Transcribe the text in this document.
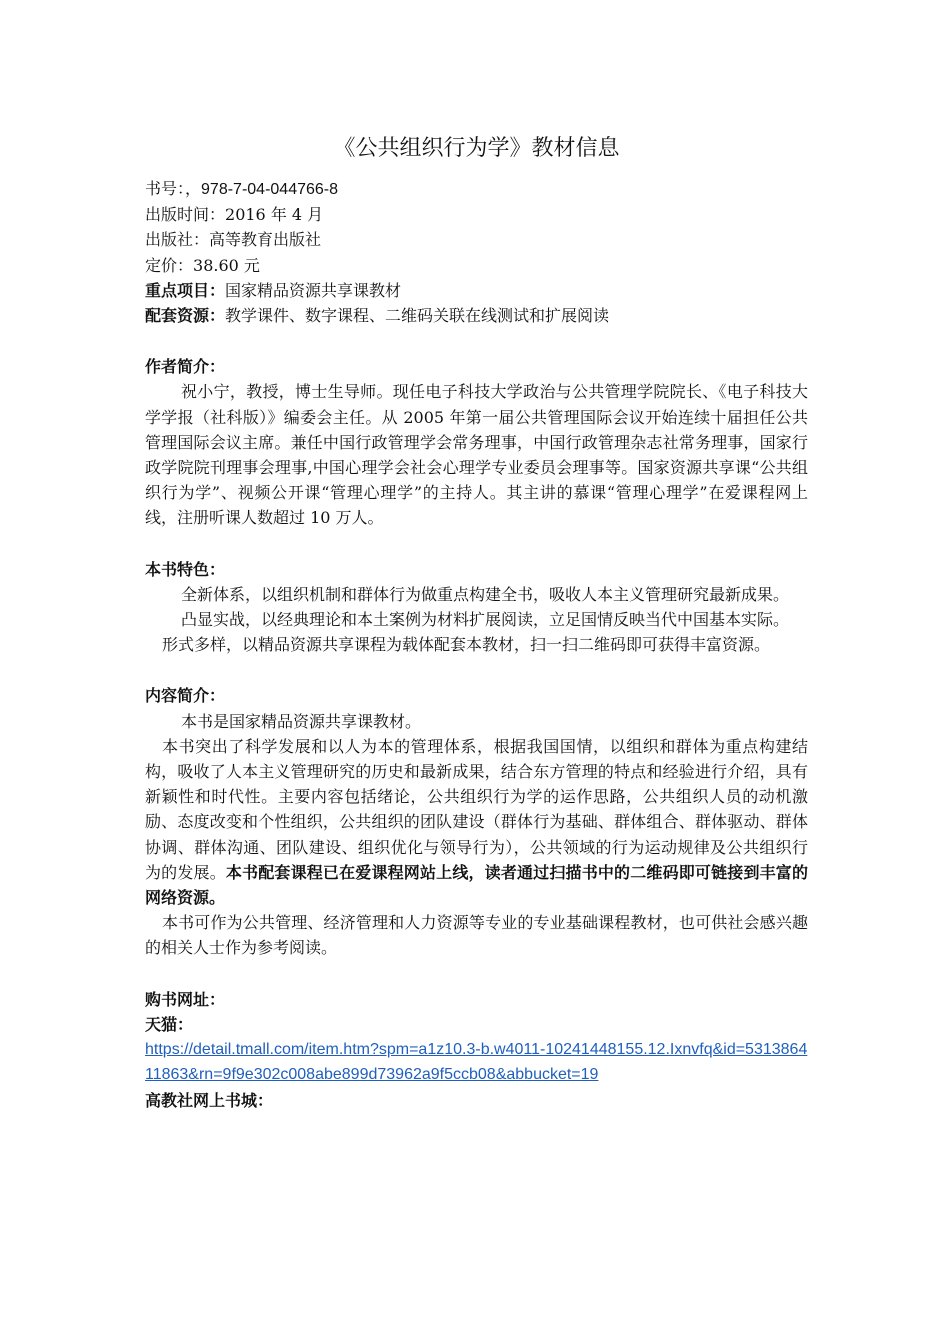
《公共组织行为学》教材信息

书号：，978-7-04-044766-8

出版时间：2016 年 4 月

出版社：高等教育出版社

定价：38.60 元

重点项目：国家精品资源共享课教材

配套资源：教学课件、数字课程、二维码关联在线测试和扩展阅读

作者简介：

祝小宁，教授，博士生导师。现任电子科技大学政治与公共管理学院院长、《电子科技大学学报（社科版）》编委会主任。从 2005 年第一届公共管理国际会议开始连续十届担任公共管理国际会议主席。兼任中国行政管理学会常务理事，中国行政管理杂志社常务理事，国家行政学院院刊理事会理事,中国心理学会社会心理学专业委员会理事等。国家资源共享课“公共组织行为学”、视频公开课“管理心理学”的主持人。其主讲的慕课“管理心理学”在爱课程网上线，注册听课人数超过 10 万人。

本书特色：

全新体系，以组织机制和群体行为做重点构建全书，吸收人本主义管理研究最新成果。

凸显实战，以经典理论和本土案例为材料扩展阅读，立足国情反映当代中国基本实际。

形式多样，以精品资源共享课程为载体配套本教材，扫一扫二维码即可获得丰富资源。

内容简介：

本书是国家精品资源共享课教材。

本书突出了科学发展和以人为本的管理体系，根据我国国情，以组织和群体为重点构建结构，吸收了人本主义管理研究的历史和最新成果，结合东方管理的特点和经验进行介绍，具有新颖性和时代性。主要内容包括绪论，公共组织行为学的运作思路，公共组织人员的动机激励、态度改变和个性组织，公共组织的团队建设（群体行为基础、群体组合、群体驱动、群体协调、群体沟通、团队建设、组织优化与领导行为），公共领域的行为运动规律及公共组织行为的发展。本书配套课程已在爱课程网站上线，读者通过扫描书中的二维码即可链接到丰富的网络资源。

本书可作为公共管理、经济管理和人力资源等专业的专业基础课程教材，也可供社会感兴趣的相关人士作为参考阅读。

购书网址：

天猫：

https://detail.tmall.com/item.htm?spm=a1z10.3-b.w4011-10241448155.12.Ixnvfq&id=531386411863&rn=9f9e302c008abe899d73962a9f5ccb08&abbucket=19

高教社网上书城：
